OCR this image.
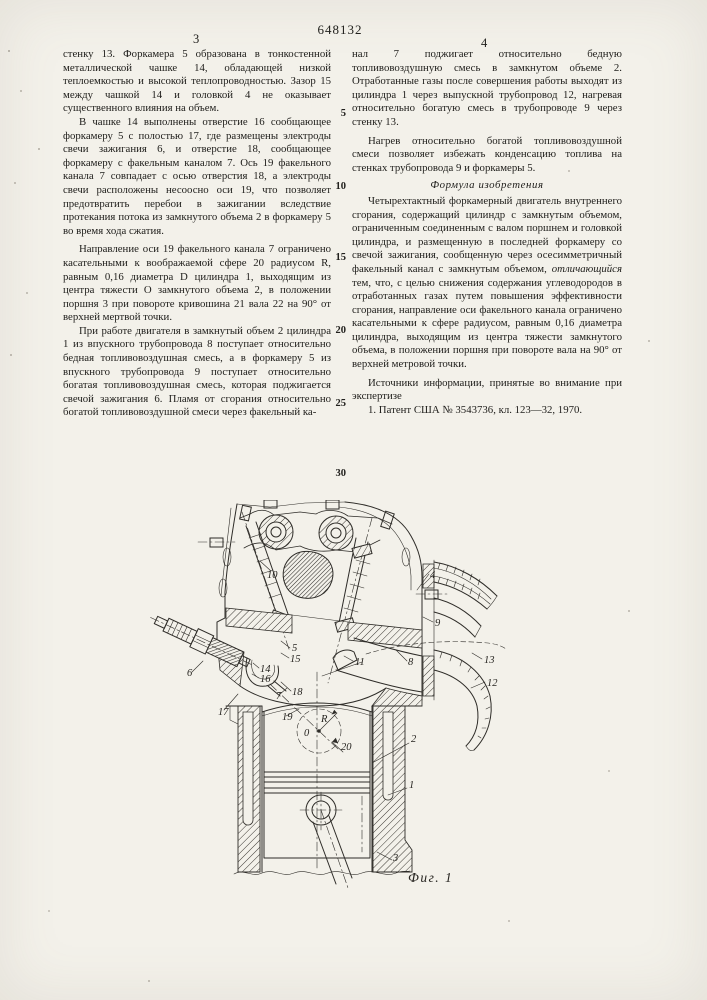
648132
3	4

стенку 13. Форкамера 5 образована в тонкостенной металлической чашке 14, обладающей низкой теплоемкостью и высокой теплопроводностью. Зазор 15 между чашкой 14 и головкой 4 не оказывает существенного влияния на объем.

В чашке 14 выполнены отверстие 16 сообщающее форкамеру 5 с полостью 17, где размещены электроды свечи зажигания 6, и отверстие 18, сообщающее форкамеру с факельным каналом 7. Ось 19 факельного канала 7 совпадает с осью отверстия 18, а электроды свечи расположены несоосно оси 19, что позволяет предотвратить перебои в зажигании вследствие протекания потока из замкнутого объема 2 в форкамеру 5 во время хода сжатия.

Направление оси 19 факельного канала 7 ограничено касательными к воображаемой сфере 20 радиусом R, равным 0,16 диаметра D цилиндра 1, выходящим из центра тяжести О замкнутого объема 2, в положении поршня 3 при повороте кривошина 21 вала 22 на 90° от верхней мертвой точки.

При работе двигателя в замкнутый объем 2 цилиндра 1 из впускного трубопровода 8 поступает относительно бедная топливовоздушная смесь, а в форкамеру 5 из впускного трубопровода 9 поступает относительно богатая топливовоздушная смесь, которая поджигается свечой зажигания 6. Пламя от сгорания относительно богатой топливовоздушной смеси через факельный ка-

нал 7 поджигает относительно бедную топливовоздушную смесь в замкнутом объеме 2. Отработанные газы после совершения работы выходят из цилиндра 1 через выпускной трубопровод 12, нагревая относительно богатую смесь в трубопроводе 9 через стенку 13.

Нагрев относительно богатой топливовоздушной смеси позволяет избежать конденсацию топлива на стенках трубопровода 9 и форкамеры 5.

Формула изобретения

Четырехтактный форкамерный двигатель внутреннего сгорания, содержащий цилиндр с замкнутым объемом, ограниченным соединенным с валом поршнем и головкой цилиндра, и размещенную в последней форкамеру со свечой зажигания, сообщенную через осесимметричный факельный канал с замкнутым объемом, отличающийся тем, что, с целью снижения содержания углеводородов в отработанных газах путем повышения эффективности сгорания, направление оси факельного канала ограничено касательными к сфере радиусом, равным 0,16 диаметра цилиндра, выходящим из центра тяжести замкнутого объема, в положении поршня при повороте вала на 90° от верхней метровой точки.

Источники информации, принятые во внимание при экспертизе

1. Патент США № 3543736, кл. 123—32, 1970.

5
10
15
20
25
30
10	4
9
8	13
12
11
5
15
14
16
6
17
7 18
19	R
0
20
2
1
3
Фиг. 1
